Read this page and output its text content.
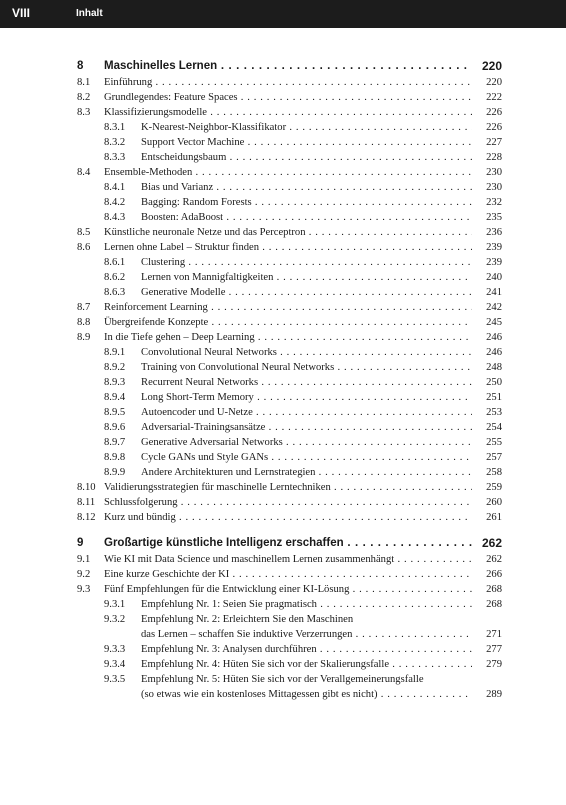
VIII	Inhalt
8 Maschinelles Lernen . . .	220
8.1 Einführung . . .	220
8.2 Grundlegendes: Feature Spaces . . .	222
8.3 Klassifizierungsmodelle . . .	226
8.3.1 K-Nearest-Neighbor-Klassifikator . . .	226
8.3.2 Support Vector Machine . . .	227
8.3.3 Entscheidungsbaum . . .	228
8.4 Ensemble-Methoden . . .	230
8.4.1 Bias und Varianz . . .	230
8.4.2 Bagging: Random Forests . . .	232
8.4.3 Boosten: AdaBoost . . .	235
8.5 Künstliche neuronale Netze und das Perceptron . . .	236
8.6 Lernen ohne Label – Struktur finden . . .	239
8.6.1 Clustering . . .	239
8.6.2 Lernen von Mannigfaltigkeiten . . .	240
8.6.3 Generative Modelle . . .	241
8.7 Reinforcement Learning . . .	242
8.8 Übergreifende Konzepte . . .	245
8.9 In die Tiefe gehen – Deep Learning . . .	246
8.9.1 Convolutional Neural Networks . . .	246
8.9.2 Training von Convolutional Neural Networks . . .	248
8.9.3 Recurrent Neural Networks . . .	250
8.9.4 Long Short-Term Memory . . .	251
8.9.5 Autoencoder und U-Netze . . .	253
8.9.6 Adversarial-Trainingsansätze . . .	254
8.9.7 Generative Adversarial Networks . . .	255
8.9.8 Cycle GANs und Style GANs . . .	257
8.9.9 Andere Architekturen und Lernstrategien . . .	258
8.10 Validierungsstrategien für maschinelle Lerntechniken . . .	259
8.11 Schlussfolgerung . . .	260
8.12 Kurz und bündig . . .	261
9 Großartige künstliche Intelligenz erschaffen . . .	262
9.1 Wie KI mit Data Science und maschinellem Lernen zusammenhängt . . .	262
9.2 Eine kurze Geschichte der KI . . .	266
9.3 Fünf Empfehlungen für die Entwicklung einer KI-Lösung . . .	268
9.3.1 Empfehlung Nr. 1: Seien Sie pragmatisch . . .	268
9.3.2 Empfehlung Nr. 2: Erleichtern Sie den Maschinen
das Lernen – schaffen Sie induktive Verzerrungen . . .	271
9.3.3 Empfehlung Nr. 3: Analysen durchführen . . .	277
9.3.4 Empfehlung Nr. 4: Hüten Sie sich vor der Skalierungsfalle . . .	279
9.3.5 Empfehlung Nr. 5: Hüten Sie sich vor der Verallgemeinerungsfalle
(so etwas wie ein kostenloses Mittagessen gibt es nicht) . . .	289
